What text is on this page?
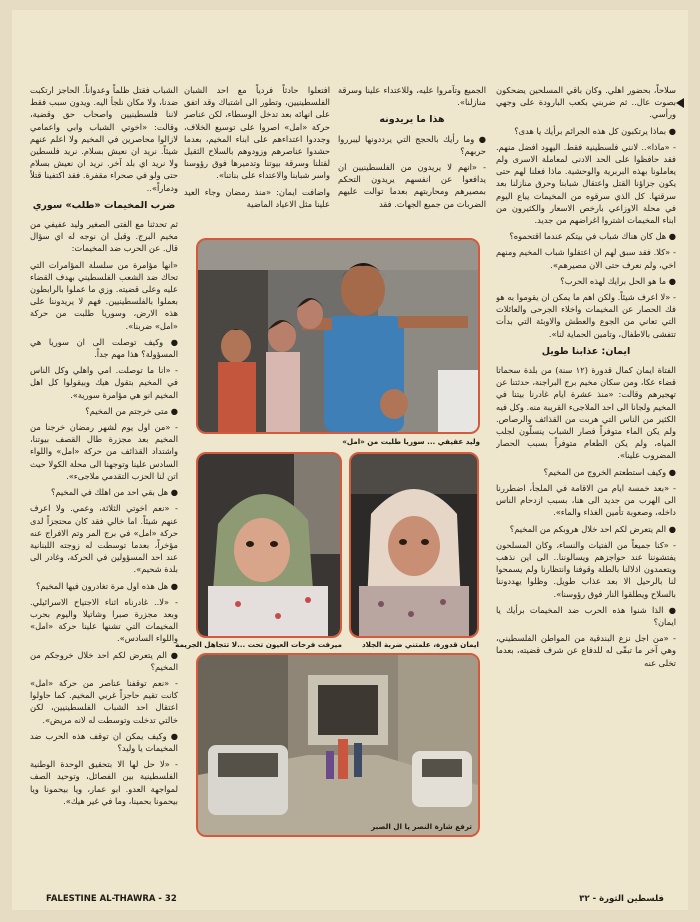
سلاحاً، بحضور اهلي. وكان باقي المسلحين يضحكون بصوت عال.. ثم ضربني بكعب البارودة على وجهي ورأسي.

● بماذا يرتكبون كل هذه الجرائم برأيك يا هدى؟

- «ماذا».. لانني فلسطينية فقط. اليهود افضل منهم. فقد حافظوا على الحد الادنى لمعاملة الاسرى ولم يعاملونا بهذه البربرية والوحشية. ماذا فعلنا لهم حتى يكون جزاؤنا القتل واعتقال شبابنا وحرق منازلنا بعد سرقتها. كل الذي سرقوه من المخيمات يباع اليوم في محلة الاوزاعي بارخص الاسعار والكثيرون من ابناء المخيمات اشتروا اغراضهم من جديد.

● هل كان هناك شباب في بيتكم عندما اقتحموه؟

- «كلا. فقد سبق لهم ان اعتقلوا شباب المخيم ومنهم اخي، ولم نعرف حتى الان مصيرهم».

● ما هو الحل برايك لهذه الحرب؟

- «لا اعرف شيئاً. ولكن اهم ما يمكن ان يقوموا به هو فك الحصار عن المخيمات واخلاء الجرحى والعائلات التي تعاني من الجوع والعطش والاوبئة التي بدأت تتفشى بالاطفال، وتامين الحماية لنا».

ايمان: عذابنا طويل

الفتاة ايمان كمال قدورة (١٢ سنة) من بلدة سحماتا قضاء عكا، ومن سكان مخيم برج البراجنة، حدثتنا عن تهجيرهم وقالت: «منذ عشرة ايام غادرنا بيتنا في المخيم ولجانا الى احد الملاجىء القريبة منه. وكل فيه الكثير من الناس التي هربت من القذائف والرصاص. ولم يكن الماء متوفراً فصار الشباب ينسلّون لجلب المياه، ولم يكن الطعام متوفراً بسبب الحصار المضروب علينا».

● وكيف استطعتم الخروج من المخيم؟

- «بعد خمسة ايام من الاقامة في الملجأ، اضطررنا الى الهرب من جديد الى هنا، بسبب ازدحام الناس داخله، وصعوبة تأمين الغذاء والماء».

● الم يتعرض لكم احد خلال هروبكم من المخيم؟

- «كنا جميعاً من الفتيات والنساء، وكان المسلحون يفتشوننا عند حواجزهم ويسالوننا.. الى اين نذهب ويتعمدون اذلالنا بالطلة وقوفنا وانتظارنا ولم يسمحوا لنا بالرحيل الا بعد عذاب طويل. وظلوا يهددوننا بالسلاح ويطلقوا النار فوق رؤوسنا».

● الذا شنوا هذه الحرب ضد المخيمات برأيك يا ايمان؟

- «من اجل نزع البندقية من المواطن الفلسطيني، وهي آخر ما تبقّى له للدفاع عن شرف قضيته، بعدما تخلى عنه

الجميع وتآمروا عليه، وللاعتداء علينا وسرقة منازلنا».

هذا ما يريدونه

● وما رأيك بالحجج التي يرددونها ليبرروا حربهم؟

- «انهم لا يريدون من الفلسطينيين ان يدافعوا عن انفسهم يريدون التحكم بمصيرهم ومحاربتهم بعدما توالت عليهم الضربات من جميع الجهات. فقد

افتعلوا حادثاً فردياً مع احد الشبان الفلسطينيين، وتطور الى اشتباك وقد اتفق على انهائه بعد تدخل الوسطاء، لكن عناصر حركة «امل» اصروا على توسيع الخلاف، وجددوا اعتداءهم على ابناء المخيم، بعدما حشدوا عناصرهم وزودوهم بالسلاح الثقيل لقتلنا وسرقة بيوتنا وتدميرها فوق رؤوسنا واسر شبابنا والاعتداء على بناتنا».

واضافت ايمان: «منذ رمضان وجاء العيد علينا مثل الاعياد الماضية

الشباب فقتل ظلماً وعدواناً. الحاجز ارتكبت ضدنا، ولا مكان نلجأ اليه. ويدون سبب فقط لاننا فلسطينيين واصحاب حق وقضية، وقالت: «اخوتي الشباب وابي واعمامي لازالوا محاصرين في المخيم ولا اعلم عنهم شيئاً. نريد ان نعيش بسلام. نريد فلسطين ولا نريد اي بلد آخر. نريد ان نعيش بسلام حتى ولو في صحراء مقفرة. فقد اكتفينا قتلاً ودماراً»..

ضرب المخيمات «طلب» سوري

ثم تحدثنا مع الفتى الصغير وليد عفيفي من مخيم البرج. وقبل ان نوجه له اي سؤال قال. عن الحرب ضد المخيمات:

«انها مؤامرة من سلسلة المؤامرات التي تحاك ضد الشعب الفلسطيني بهدف القضاء عليه وعلى قضيته. وزي ما عملوا بالرابطون بعملوا بالفلسطينيين. فهم لا يريدوننا على هذه الارض، وسوريا طلبت من حركة «امل» ضربنا».

● وكيف توصلت الى ان سوريا هي المسؤولة؟ هذا مهم جداً.

- «انا ما توصلت. امي واهلي وكل الناس في المخيم بتقول هيك وبيقولوا كل اهل المخيم انو هي مؤامرة سورية».

● متى خرجتم من المخيم؟

- «من اول يوم لشهر رمضان خرجنا من المخيم بعد مجزرة طال القصف بيوتنا، واشتداد القذائف من حركة «امل» واللواء السادس علينا وتوجهنا الى محلة الكولا حيث اتن لنا الحزب التقدمي ملاجىء».

● هل بقي احد من اهلك في المخيم؟

- «نعم اخوتي الثلاثة، وعمي. ولا اعرف عنهم شيئاً. اما خالي فقد كان محتجزاً لدى حركة «امل» في برج المر وتم الافراج عنه مؤخراً، بعدما توسطت له زوجته اللبنانية عند احد المسؤولين في الحركة، وغادر الى بلدة شحيم».

● هل هذه اول مرة تغادرون فيها المخيم؟

- «لا.. غادرناه اثناء الاجتياح الاسرائيلي. وبعد مجزرة صبرا وشاتيلا واليوم بحرب المخيمات التي تشنها علينا حركة «امل» واللواء السادس».

● الم يتعرض لكم احد خلال خروجكم من المخيم؟

- «نعم توقفنا عناصر من حركة «امل» كانت تقيم حاجزاً غربي المخيم. كما حاولوا اعتقال احد الشباب الفلسطينيين، لكن خالتي تدخلت وتوسطت له لانه مريض».

● وكيف يمكن ان توقف هذه الحرب ضد المخيمات يا وليد؟

- «لا حل لها الا بتحقيق الوحدة الوطنية الفلسطينية بين الفصائل، وتوحيد الصف لمواجهة العدو. ابو عمار، ويا بيحمونا ويا بيحمونا بحمينا، وما في غير هيك».

وليد عفيفي ... سوريا طلبت من «امل»
ايمان قدورة، علمتني ضربة الجلاد
ميرفت فرحات العيون تحت ...لا تتجاهل الجريمة
ترفع شارة النصر يا ال الصبر
FALESTINE AL-THAWRA - 32	فلسطين الثورة - ٣٢
